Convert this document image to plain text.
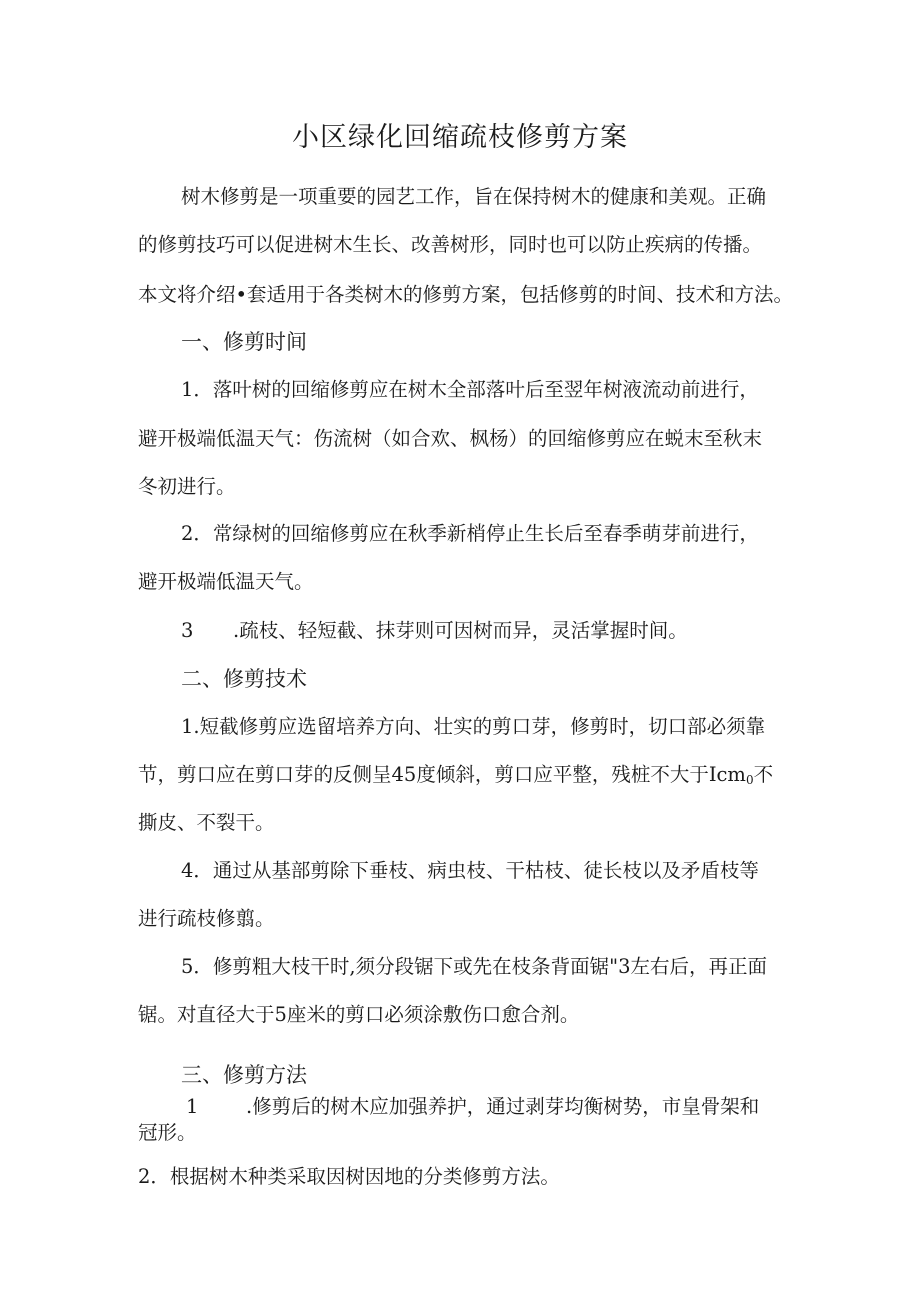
小区绿化回缩疏枝修剪方案
树木修剪是一项重要的园艺工作，旨在保持树木的健康和美观。正确
的修剪技巧可以促进树木生长、改善树形，同时也可以防止疾病的传播。
本文将介绍•套适用于各类树木的修剪方案，包括修剪的时间、技术和方法。
一、修剪时间
1．落叶树的回缩修剪应在树木全部落叶后至翌年树液流动前进行，
避开极端低温天气：伤流树（如合欢、枫杨）的回缩修剪应在蜕末至秋末
冬初进行。
2．常绿树的回缩修剪应在秋季新梢停止生长后至春季萌芽前进行，
避开极端低温天气。
3 .疏枝、轻短截、抹芽则可因树而异，灵活掌握时间。
二、修剪技术
1.短截修剪应选留培养方向、壮实的剪口芽，修剪时，切口部必须靠
节，剪口应在剪口芽的反侧呈45度倾斜，剪口应平整，残桩不大于Icm$_0$不
撕皮、不裂干。
4．通过从基部剪除下垂枝、病虫枝、干枯枝、徒长枝以及矛盾枝等
进行疏枝修翦。
5．修剪粗大枝干时,须分段锯下或先在枝条背面锯"3左右后，再正面
锯。对直径大于5座米的剪口必须涂敷伤口愈合剂。
三、修剪方法
1 .修剪后的树木应加强养护，通过剥芽均衡树势，市皇骨架和
冠形。
2．根据树木种类采取因树因地的分类修剪方法。
